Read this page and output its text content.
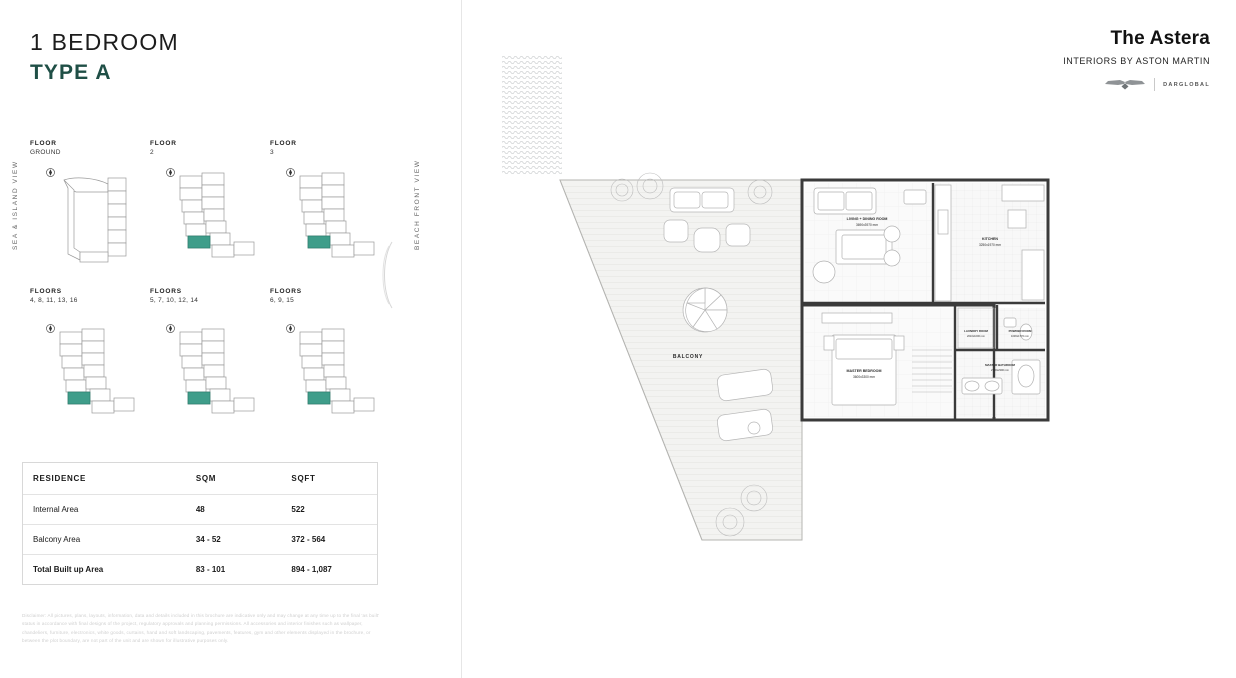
1 BEDROOM
TYPE A
SEA & ISLAND VIEW	BEACH FRONT VIEW
FLOOR
GROUND
FLOOR
2
FLOOR
3
FLOORS
4, 8, 11, 13, 16
FLOORS
5, 7, 10, 12, 14
FLOORS
6, 9, 15
RESIDENCE	SQM	SQFT
Internal Area	48	522
Balcony Area	34 - 52	372 - 564
Total Built up Area	83 - 101	894 - 1,087
Disclaimer: All pictures, plans, layouts, information, data and details included in this brochure are indicative only and may change at any time up to the final 'as built' status in accordance with final designs of the project, regulatory approvals and planning permissions. All accessories and interior finishes such as wallpaper, chandeliers, furniture, electronics, white goods, curtains, hand and soft landscaping, pavements, features, gym and other elements displayed in the brochure, or between the plot boundary, are not part of the unit and are shown for illustrative purposes only.
The Astera
INTERIORS BY ASTON MARTIN
DARGLOBAL
BALCONY
LIVING + DINING ROOM
3690x3970 mm
KITCHEN
3250x1970 mm
MASTER BEDROOM
3600x3300 mm
LAUNDRY ROOM
2010x1000 mm
POWDER ROOM
1036x1770 mm
MASTER BATHROOM
2730x2390 mm
